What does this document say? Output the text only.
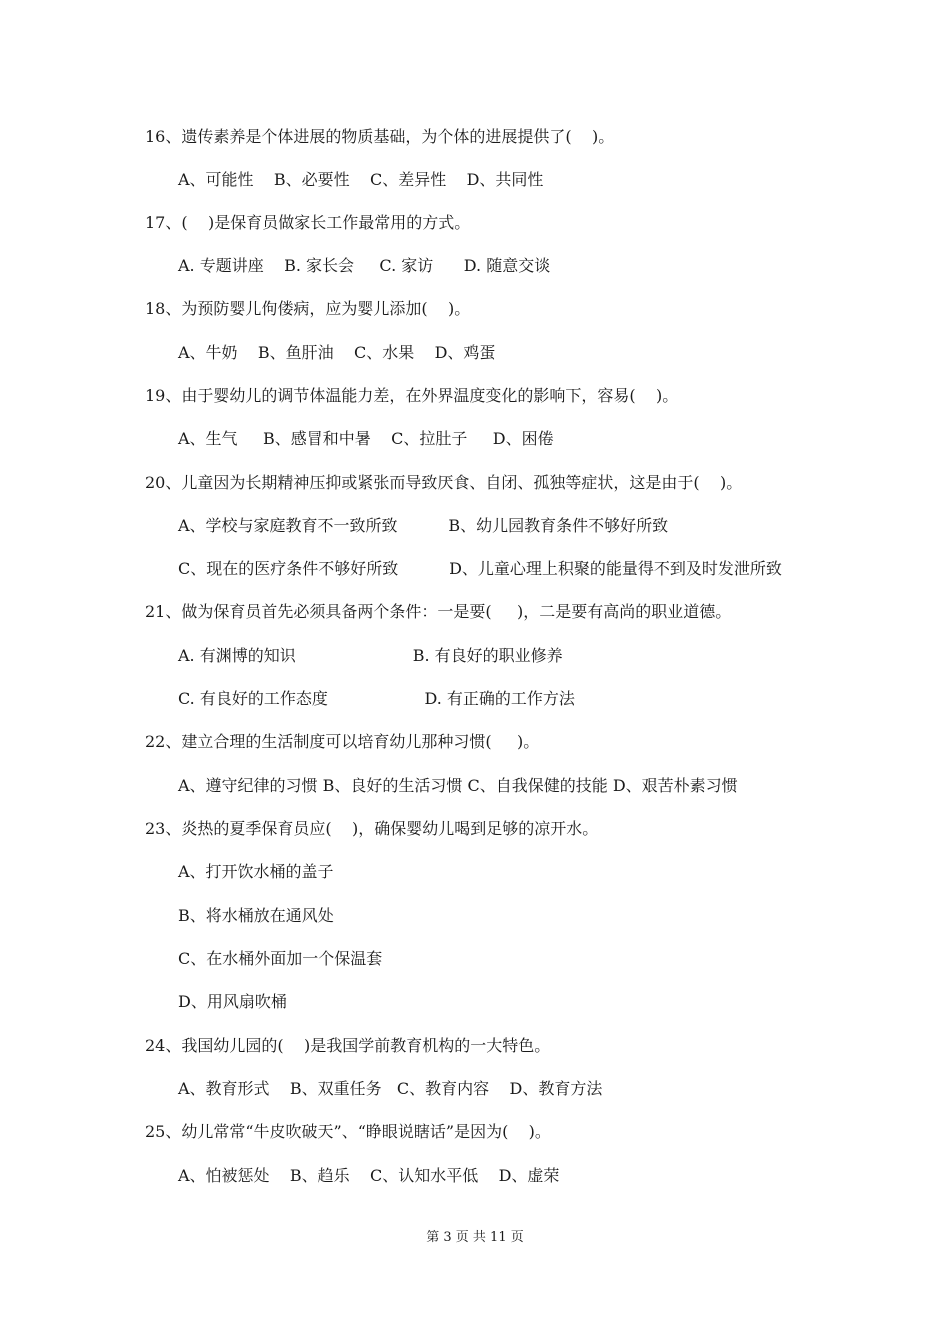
16、遗传素养是个体进展的物质基础，为个体的进展提供了(    )。
A、可能性    B、必要性    C、差异性    D、共同性
17、(    )是保育员做家长工作最常用的方式。
A. 专题讲座    B. 家长会     C. 家访      D. 随意交谈
18、为预防婴儿佝偻病，应为婴儿添加(    )。
A、牛奶    B、鱼肝油    C、水果    D、鸡蛋
19、由于婴幼儿的调节体温能力差，在外界温度变化的影响下，容易(    )。
A、生气     B、感冒和中暑    C、拉肚子     D、困倦
20、儿童因为长期精神压抑或紧张而导致厌食、自闭、孤独等症状，这是由于(    )。
A、学校与家庭教育不一致所致          B、幼儿园教育条件不够好所致
C、现在的医疗条件不够好所致          D、儿童心理上积聚的能量得不到及时发泄所致
21、做为保育员首先必须具备两个条件：一是要(     )，二是要有高尚的职业道德。
A. 有渊博的知识                       B. 有良好的职业修养
C. 有良好的工作态度                   D. 有正确的工作方法
22、建立合理的生活制度可以培育幼儿那种习惯(     )。
A、遵守纪律的习惯 B、良好的生活习惯 C、自我保健的技能 D、艰苦朴素习惯
23、炎热的夏季保育员应(    )，确保婴幼儿喝到足够的凉开水。
A、打开饮水桶的盖子
B、将水桶放在通风处
C、在水桶外面加一个保温套
D、用风扇吹桶
24、我国幼儿园的(    )是我国学前教育机构的一大特色。
A、教育形式    B、双重任务   C、教育内容    D、教育方法
25、幼儿常常“牛皮吹破天”、“睁眼说瞎话”是因为(    )。
A、怕被惩处    B、趋乐    C、认知水平低    D、虚荣
第 3 页 共 11 页
